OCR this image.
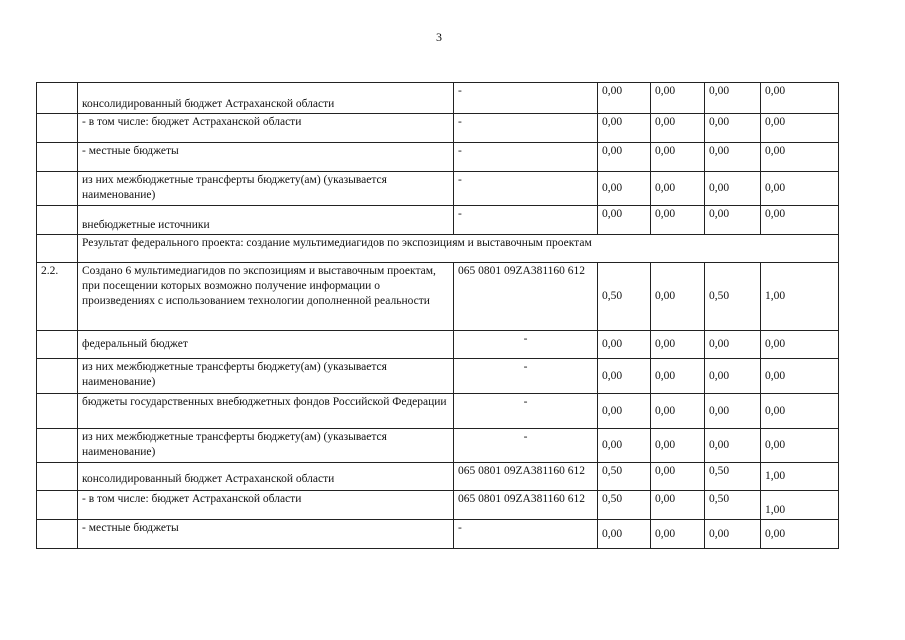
3
	консолидированный бюджет Астраханской области	-	0,00	0,00	0,00	0,00
	- в том числе: бюджет Астраханской области	-	0,00	0,00	0,00	0,00
	- местные бюджеты	-	0,00	0,00	0,00	0,00
	из них межбюджетные трансферты бюджету(ам) (указывается наименование)	-	0,00	0,00	0,00	0,00
	внебюджетные источники	-	0,00	0,00	0,00	0,00
	Результат федерального проекта: создание мультимедиагидов по экспозициям и выставочным проектам					
2.2.	Создано 6 мультимедиагидов по экспозициям и выставочным проектам, при посещении которых возможно получение информации о произведениях с использованием технологии дополненной реальности	065 0801 09ZA381160 612	0,50	0,00	0,50	1,00
	федеральный бюджет	-	0,00	0,00	0,00	0,00
	из них межбюджетные трансферты бюджету(ам) (указывается наименование)	-	0,00	0,00	0,00	0,00
	бюджеты государственных внебюджетных фондов Российской Федерации	-	0,00	0,00	0,00	0,00
	из них межбюджетные трансферты бюджету(ам) (указывается наименование)	-	0,00	0,00	0,00	0,00
	консолидированный бюджет Астраханской области	065 0801 09ZA381160 612	0,50	0,00	0,50	1,00
	- в том числе: бюджет Астраханской области	065 0801 09ZA381160 612	0,50	0,00	0,50	1,00
	- местные бюджеты	-	0,00	0,00	0,00	0,00
